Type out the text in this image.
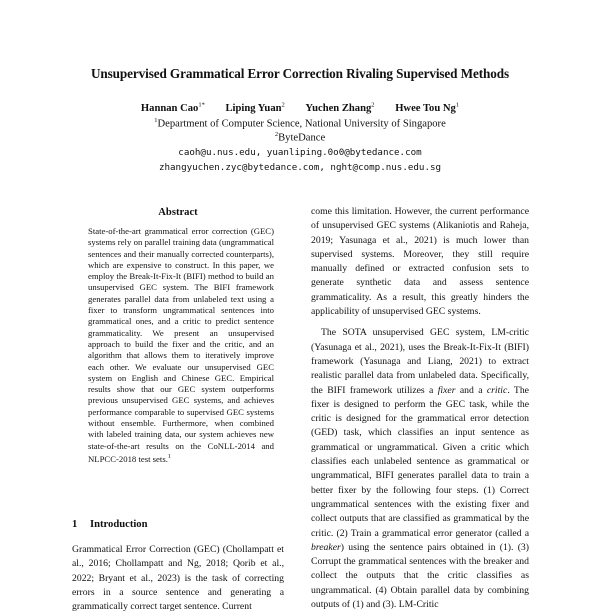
Unsupervised Grammatical Error Correction Rivaling Supervised Methods
Hannan Cao$^{1*}$ Liping Yuan$^2$ Yuchen Zhang$^2$ Hwee Tou Ng$^1$
$^1$Department of Computer Science, National University of Singapore
$^2$ByteDance
caoh@u.nus.edu, yuanliping.0o0@bytedance.com
zhangyuchen.zyc@bytedance.com, nght@comp.nus.edu.sg
Abstract
State-of-the-art grammatical error correction (GEC) systems rely on parallel training data (ungrammatical sentences and their manually corrected counterparts), which are expensive to construct. In this paper, we employ the Break-It-Fix-It (BIFI) method to build an unsupervised GEC system. The BIFI framework generates parallel data from unlabeled text using a fixer to transform ungrammatical sentences into grammatical ones, and a critic to predict sentence grammaticality. We present an unsupervised approach to build the fixer and the critic, and an algorithm that allows them to iteratively improve each other. We evaluate our unsupervised GEC system on English and Chinese GEC. Empirical results show that our GEC system outperforms previous unsupervised GEC systems, and achieves performance comparable to supervised GEC systems without ensemble. Furthermore, when combined with labeled training data, our system achieves new state-of-the-art results on the CoNLL-2014 and NLPCC-2018 test sets.$^1$
1 Introduction
Grammatical Error Correction (GEC) (Chollampatt et al., 2016; Chollampatt and Ng, 2018; Qorib et al., 2022; Bryant et al., 2023) is the task of correcting errors in a source sentence and generating a grammatically correct target sentence. Current

come this limitation. However, the current performance of unsupervised GEC systems (Alikaniotis and Raheja, 2019; Yasunaga et al., 2021) is much lower than supervised systems. Moreover, they still require manually defined or extracted confusion sets to generate synthetic data and assess sentence grammaticality. As a result, this greatly hinders the applicability of unsupervised GEC systems.

The SOTA unsupervised GEC system, LM-critic (Yasunaga et al., 2021), uses the Break-It-Fix-It (BIFI) framework (Yasunaga and Liang, 2021) to extract realistic parallel data from unlabeled data. Specifically, the BIFI framework utilizes a fixer and a critic. The fixer is designed to perform the GEC task, while the critic is designed for the grammatical error detection (GED) task, which classifies an input sentence as grammatical or ungrammatical. Given a critic which classifies each unlabeled sentence as grammatical or ungrammatical, BIFI generates parallel data to train a better fixer by the following four steps. (1) Correct ungrammatical sentences with the existing fixer and collect outputs that are classified as grammatical by the critic. (2) Train a grammatical error generator (called a breaker) using the sentence pairs obtained in (1). (3) Corrupt the grammatical sentences with the breaker and collect the outputs that the critic classifies as ungrammatical. (4) Obtain parallel data by combining outputs of (1) and (3). LM-Critic
